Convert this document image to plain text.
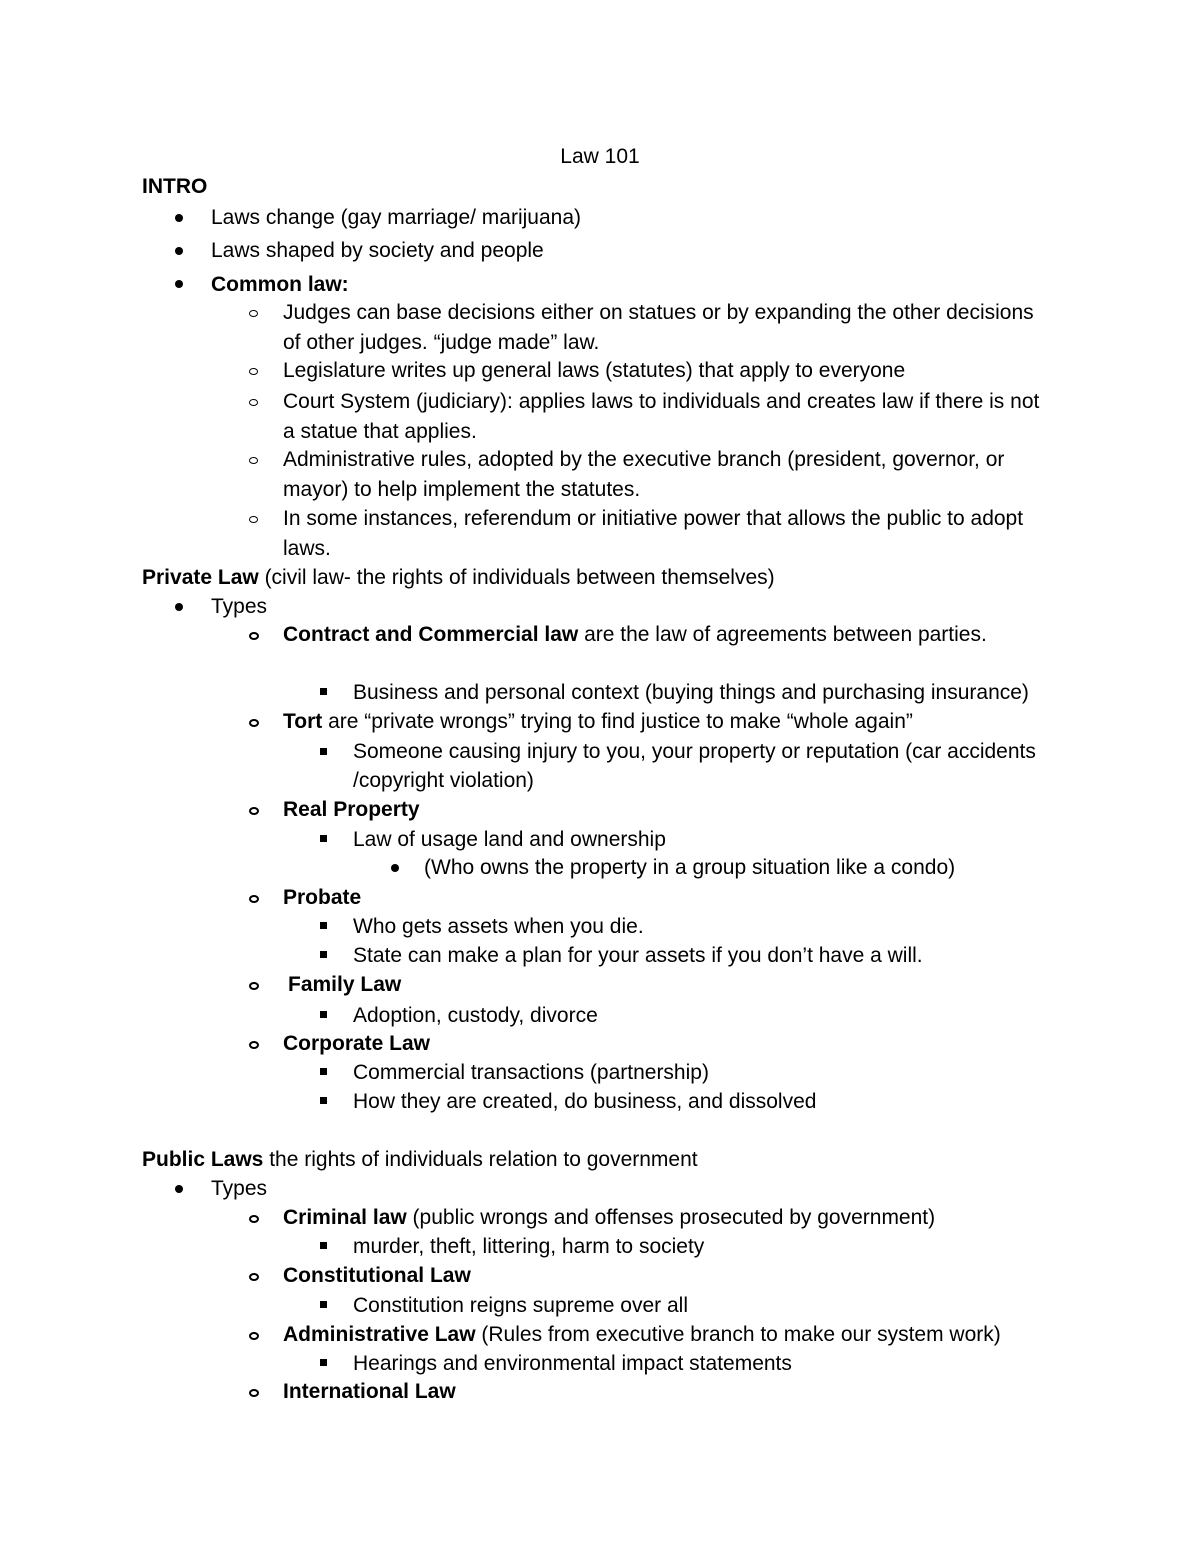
Law 101
INTRO
Laws change (gay marriage/ marijuana)
Laws shaped by society and people
Common law:
Judges can base decisions either on statues or by expanding the other decisions
of other judges. “judge made” law.
Legislature writes up general laws (statutes) that apply to everyone
Court System (judiciary): applies laws to individuals and creates law if there is not
a statue that applies.
Administrative rules, adopted by the executive branch (president, governor, or
mayor) to help implement the statutes.
In some instances, referendum or initiative power that allows the public to adopt
laws.
Private Law (civil law- the rights of individuals between themselves)
Types
Contract and Commercial law are the law of agreements between parties.
Business and personal context (buying things and purchasing insurance)
Tort are “private wrongs” trying to find justice to make “whole again”
Someone causing injury to you, your property or reputation (car accidents
/copyright violation)
Real Property
Law of usage land and ownership
(Who owns the property in a group situation like a condo)
Probate
Who gets assets when you die.
State can make a plan for your assets if you don’t have a will.
Family Law
Adoption, custody, divorce
Corporate Law
Commercial transactions (partnership)
How they are created, do business, and dissolved
Public Laws the rights of individuals relation to government
Types
Criminal law (public wrongs and offenses prosecuted by government)
murder, theft, littering, harm to society
Constitutional Law
Constitution reigns supreme over all
Administrative Law (Rules from executive branch to make our system work)
Hearings and environmental impact statements
International Law
